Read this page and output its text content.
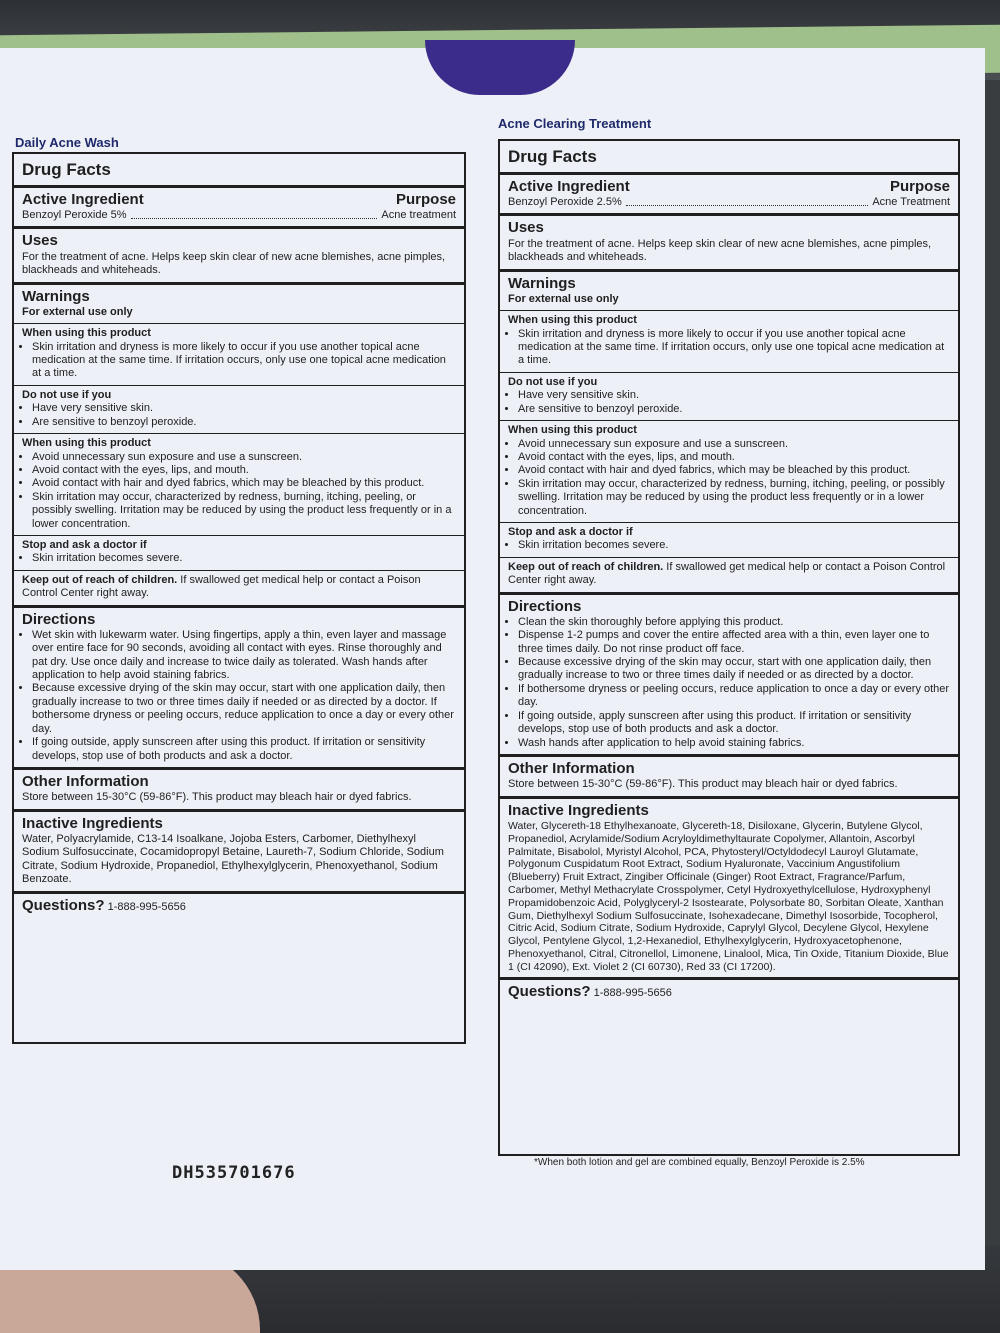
Daily Acne Wash
Drug Facts
Active Ingredient	Purpose
Benzoyl Peroxide 5%	Acne treatment
Uses
For the treatment of acne. Helps keep skin clear of new acne blemishes, acne pimples, blackheads and whiteheads.
Warnings
For external use only
When using this product
• Skin irritation and dryness is more likely to occur if you use another topical acne medication at the same time. If irritation occurs, only use one topical acne medication at a time.
Do not use if you
• Have very sensitive skin.
• Are sensitive to benzoyl peroxide.
When using this product
• Avoid unnecessary sun exposure and use a sunscreen.
• Avoid contact with the eyes, lips, and mouth.
• Avoid contact with hair and dyed fabrics, which may be bleached by this product.
• Skin irritation may occur, characterized by redness, burning, itching, peeling, or possibly swelling. Irritation may be reduced by using the product less frequently or in a lower concentration.
Stop and ask a doctor if
• Skin irritation becomes severe.
Keep out of reach of children. If swallowed get medical help or contact a Poison Control Center right away.
Directions
• Wet skin with lukewarm water. Using fingertips, apply a thin, even layer and massage over entire face for 90 seconds, avoiding all contact with eyes. Rinse thoroughly and pat dry. Use once daily and increase to twice daily as tolerated. Wash hands after application to help avoid staining fabrics.
• Because excessive drying of the skin may occur, start with one application daily, then gradually increase to two or three times daily if needed or as directed by a doctor. If bothersome dryness or peeling occurs, reduce application to once a day or every other day.
• If going outside, apply sunscreen after using this product. If irritation or sensitivity develops, stop use of both products and ask a doctor.
Other Information
Store between 15-30°C (59-86°F). This product may bleach hair or dyed fabrics.
Inactive Ingredients
Water, Polyacrylamide, C13-14 Isoalkane, Jojoba Esters, Carbomer, Diethylhexyl Sodium Sulfosuccinate, Cocamidopropyl Betaine, Laureth-7, Sodium Chloride, Sodium Citrate, Sodium Hydroxide, Propanediol, Ethylhexylglycerin, Phenoxyethanol, Sodium Benzoate.
Questions? 1-888-995-5656
Acne Clearing Treatment
Drug Facts
Active Ingredient	Purpose
Benzoyl Peroxide 2.5%	Acne Treatment
Uses
For the treatment of acne. Helps keep skin clear of new acne blemishes, acne pimples, blackheads and whiteheads.
Warnings
For external use only
When using this product
• Skin irritation and dryness is more likely to occur if you use another topical acne medication at the same time. If irritation occurs, only use one topical acne medication at a time.
Do not use if you
• Have very sensitive skin.
• Are sensitive to benzoyl peroxide.
When using this product
• Avoid unnecessary sun exposure and use a sunscreen.
• Avoid contact with the eyes, lips, and mouth.
• Avoid contact with hair and dyed fabrics, which may be bleached by this product.
• Skin irritation may occur, characterized by redness, burning, itching, peeling, or possibly swelling. Irritation may be reduced by using the product less frequently or in a lower concentration.
Stop and ask a doctor if
• Skin irritation becomes severe.
Keep out of reach of children. If swallowed get medical help or contact a Poison Control Center right away.
Directions
• Clean the skin thoroughly before applying this product.
• Dispense 1-2 pumps and cover the entire affected area with a thin, even layer one to three times daily. Do not rinse product off face.
• Because excessive drying of the skin may occur, start with one application daily, then gradually increase to two or three times daily if needed or as directed by a doctor.
• If bothersome dryness or peeling occurs, reduce application to once a day or every other day.
• If going outside, apply sunscreen after using this product. If irritation or sensitivity develops, stop use of both products and ask a doctor.
• Wash hands after application to help avoid staining fabrics.
Other Information
Store between 15-30°C (59-86°F). This product may bleach hair or dyed fabrics.
Inactive Ingredients
Water, Glycereth-18 Ethylhexanoate, Glycereth-18, Disiloxane, Glycerin, Butylene Glycol, Propanediol, Acrylamide/Sodium Acryloyldimethyltaurate Copolymer, Allantoin, Ascorbyl Palmitate, Bisabolol, Myristyl Alcohol, PCA, Phytosteryl/Octyldodecyl Lauroyl Glutamate, Polygonum Cuspidatum Root Extract, Sodium Hyaluronate, Vaccinium Angustifolium (Blueberry) Fruit Extract, Zingiber Officinale (Ginger) Root Extract, Fragrance/Parfum, Carbomer, Methyl Methacrylate Crosspolymer, Cetyl Hydroxyethylcellulose, Hydroxyphenyl Propamidobenzoic Acid, Polyglyceryl-2 Isostearate, Polysorbate 80, Sorbitan Oleate, Xanthan Gum, Diethylhexyl Sodium Sulfosuccinate, Isohexadecane, Dimethyl Isosorbide, Tocopherol, Citric Acid, Sodium Citrate, Sodium Hydroxide, Caprylyl Glycol, Decylene Glycol, Hexylene Glycol, Pentylene Glycol, 1,2-Hexanediol, Ethylhexylglycerin, Hydroxyacetophenone, Phenoxyethanol, Citral, Citronellol, Limonene, Linalool, Mica, Tin Oxide, Titanium Dioxide, Blue 1 (CI 42090), Ext. Violet 2 (CI 60730), Red 33 (CI 17200).
Questions? 1-888-995-5656
DH535701676
*When both lotion and gel are combined equally, Benzoyl Peroxide is 2.5%
